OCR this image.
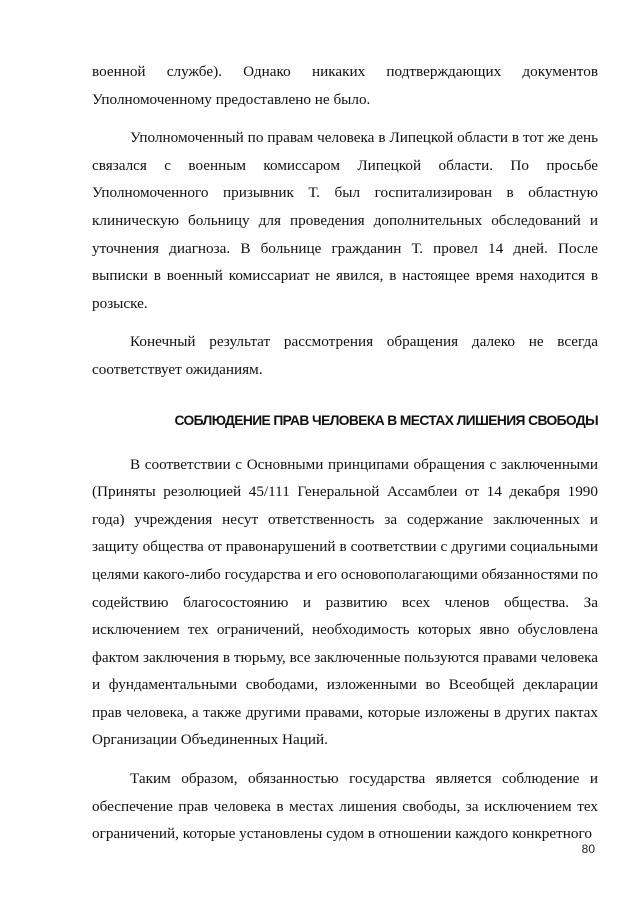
военной службе). Однако никаких подтверждающих документов Уполномоченному предоставлено не было.

Уполномоченный по правам человека в Липецкой области в тот же день связался с военным комиссаром Липецкой области. По просьбе Уполномоченного призывник Т. был госпитализирован в областную клиническую больницу для проведения дополнительных обследований и уточнения диагноза. В больнице гражданин Т. провел 14 дней. После выписки в военный комиссариат не явился, в настоящее время находится в розыске.

Конечный результат рассмотрения обращения далеко не всегда соответствует ожиданиям.

СОБЛЮДЕНИЕ ПРАВ ЧЕЛОВЕКА В МЕСТАХ ЛИШЕНИЯ СВОБОДЫ

В соответствии с Основными принципами обращения с заключенными (Приняты резолюцией 45/111 Генеральной Ассамблеи от 14 декабря 1990 года) учреждения несут ответственность за содержание заключенных и защиту общества от правонарушений в соответствии с другими социальными целями какого-либо государства и его основополагающими обязанностями по содействию благосостоянию и развитию всех членов общества. За исключением тех ограничений, необходимость которых явно обусловлена фактом заключения в тюрьму, все заключенные пользуются правами человека и фундаментальными свободами, изложенными во Всеобщей декларации прав человека, а также другими правами, которые изложены в других пактах Организации Объединенных Наций.

Таким образом, обязанностью государства является соблюдение и обеспечение прав человека в местах лишения свободы, за исключением тех ограничений, которые установлены судом в отношении каждого конкретного

80
